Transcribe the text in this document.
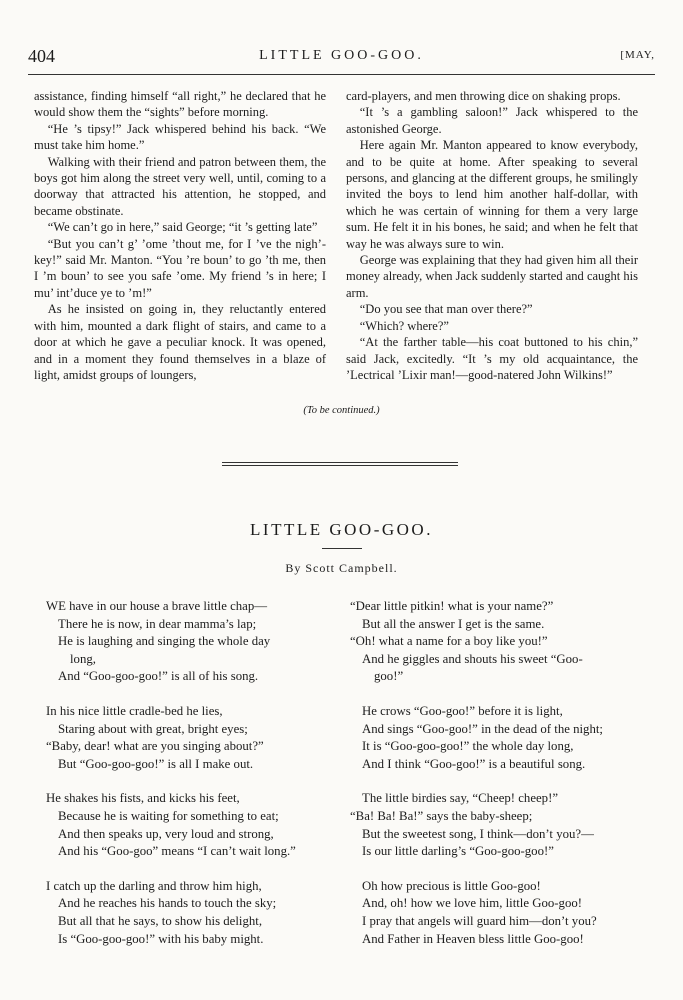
404	LITTLE GOO-GOO.	[MAY,

assistance, finding himself “all right,” he declared that he would show them the “sights” before morning.

“He ’s tipsy!” Jack whispered behind his back. “We must take him home.”

Walking with their friend and patron between them, the boys got him along the street very well, until, coming to a doorway that attracted his attention, he stopped, and became obstinate.

“We can’t go in here,” said George; “it ’s getting late”

“But you can’t g’ ’ome ’thout me, for I ’ve the nigh’-key!” said Mr. Manton. “You ’re boun’ to go ’th me, then I ’m boun’ to see you safe ’ome. My friend ’s in here; I mu’ int’duce ye to ’m!”

As he insisted on going in, they reluctantly entered with him, mounted a dark flight of stairs, and came to a door at which he gave a peculiar knock. It was opened, and in a moment they found themselves in a blaze of light, amidst groups of loungers,

card-players, and men throwing dice on shaking props.

“It ’s a gambling saloon!” Jack whispered to the astonished George.

Here again Mr. Manton appeared to know everybody, and to be quite at home. After speaking to several persons, and glancing at the different groups, he smilingly invited the boys to lend him another half-dollar, with which he was certain of winning for them a very large sum. He felt it in his bones, he said; and when he felt that way he was always sure to win.

George was explaining that they had given him all their money already, when Jack suddenly started and caught his arm.

“Do you see that man over there?”

“Which? where?”

“At the farther table—his coat buttoned to his chin,” said Jack, excitedly. “It ’s my old acquaintance, the ’Lectrical ’Lixir man!—good-natered John Wilkins!”

(To be continued.)
LITTLE GOO-GOO.
By Scott Campbell.
WE have in our house a brave little chap—
There he is now, in dear mamma’s lap;
He is laughing and singing the whole day
long,
And “Goo-goo-goo!” is all of his song.
In his nice little cradle-bed he lies,
Staring about with great, bright eyes;
“Baby, dear! what are you singing about?”
But “Goo-goo-goo!” is all I make out.
He shakes his fists, and kicks his feet,
Because he is waiting for something to eat;
And then speaks up, very loud and strong,
And his “Goo-goo” means “I can’t wait long.”
I catch up the darling and throw him high,
And he reaches his hands to touch the sky;
But all that he says, to show his delight,
Is “Goo-goo-goo!” with his baby might.
“Dear little pitkin! what is your name?”
But all the answer I get is the same.
“Oh! what a name for a boy like you!”
And he giggles and shouts his sweet “Goo-
goo!”
He crows “Goo-goo!” before it is light,
And sings “Goo-goo!” in the dead of the night;
It is “Goo-goo-goo!” the whole day long,
And I think “Goo-goo!” is a beautiful song.
The little birdies say, “Cheep! cheep!”
“Ba! Ba! Ba!” says the baby-sheep;
But the sweetest song, I think—don’t you?—
Is our little darling’s “Goo-goo-goo!”
Oh how precious is little Goo-goo!
And, oh! how we love him, little Goo-goo!
I pray that angels will guard him—don’t you?
And Father in Heaven bless little Goo-goo!
